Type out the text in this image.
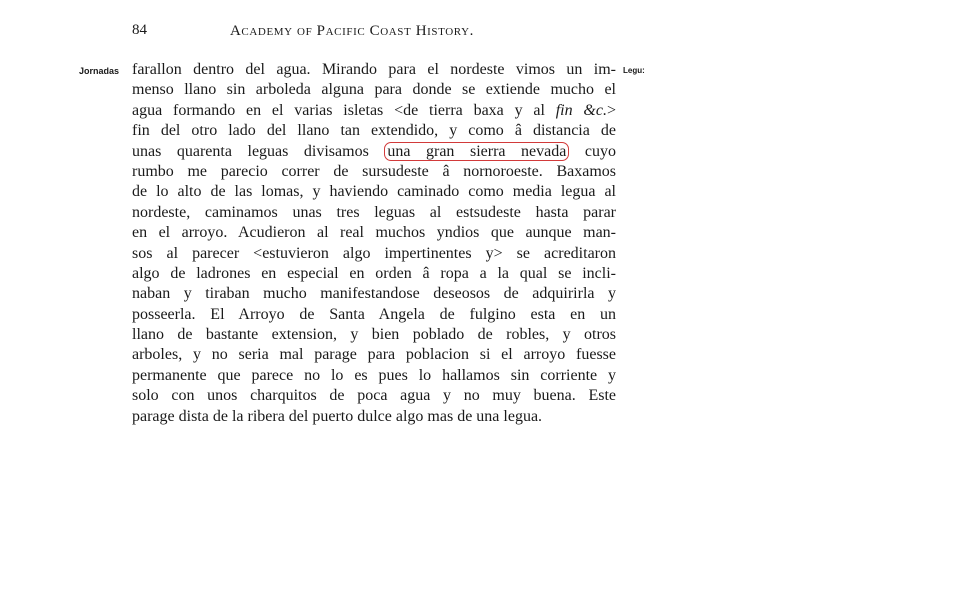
84	Academy of Pacific Coast History.
Jornadas	Legu:
farallon dentro del agua. Mirando para el nordeste vimos un im-
menso llano sin arboleda alguna para donde se extiende mucho el
agua formando en el varias isletas <de tierra baxa y al fin &c.>
fin del otro lado del llano tan extendido, y como â distancia de
unas quarenta leguas divisamos una gran sierra nevada cuyo
rumbo me parecio correr de sursudeste â nornoroeste. Baxamos
de lo alto de las lomas, y haviendo caminado como media legua al
nordeste, caminamos unas tres leguas al estsudeste hasta parar
en el arroyo. Acudieron al real muchos yndios que aunque man-
sos al parecer <estuvieron algo impertinentes y> se acreditaron
algo de ladrones en especial en orden â ropa a la qual se incli-
naban y tiraban mucho manifestandose deseosos de adquirirla y
posseerla. El Arroyo de Santa Angela de fulgino esta en un
llano de bastante extension, y bien poblado de robles, y otros
arboles, y no seria mal parage para poblacion si el arroyo fuesse
permanente que parece no lo es pues lo hallamos sin corriente y
solo con unos charquitos de poca agua y no muy buena. Este
parage dista de la ribera del puerto dulce algo mas de una legua.
